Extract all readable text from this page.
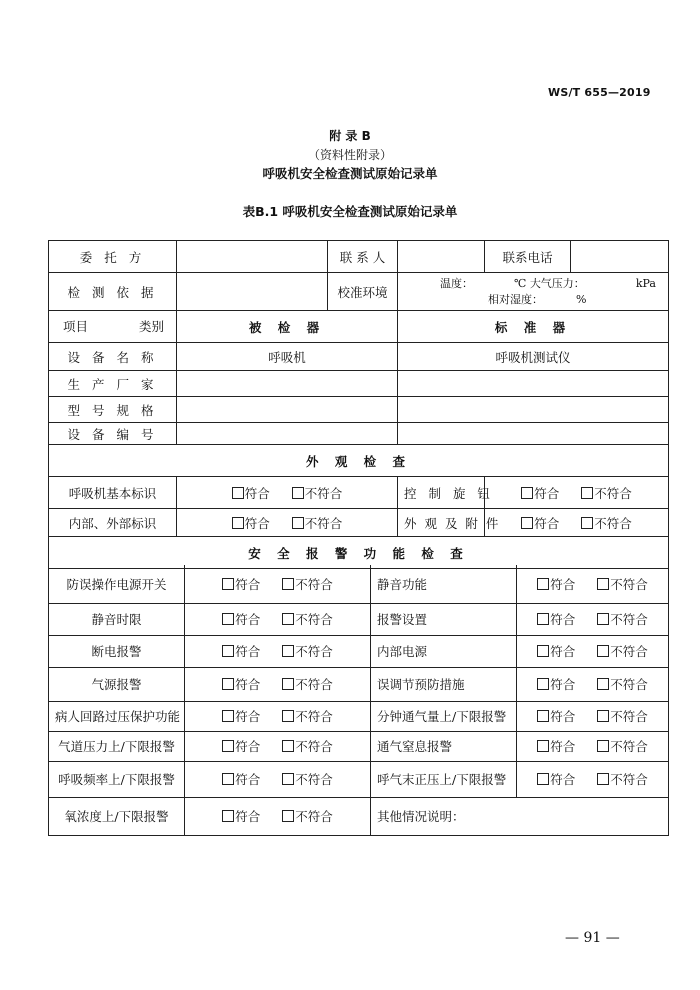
WS/T 655—2019
附 录 B
（资料性附录）
呼吸机安全检查测试原始记录单
表B.1 呼吸机安全检查测试原始记录单
委 托 方		联 系 人		联系电话	
检 测 依 据		校准环境	温度： ℃ 大气压力： kPa
相对湿度： %		

项目 类别	被 检 器		标 准 器		
设 备 名 称	呼吸机		呼吸机测试仪		
生 产 厂 家					
型 号 规 格					
设 备 编 号					
外 观 检 查					
呼吸机基本标识	符合 不符合		控 制 旋 钮	符合 不符合	
内部、外部标识	符合 不符合		外 观 及 附 件	符合 不符合	
安 全 报 警 功 能 检 查					
防误操作电源开关	符合 不符合	静音功能	符合 不符合
静音时限	符合 不符合	报警设置	符合 不符合
断电报警	符合 不符合	内部电源	符合 不符合
气源报警	符合 不符合	误调节预防措施	符合 不符合
病人回路过压保护功能	符合 不符合	分钟通气量上/下限报警	符合 不符合
气道压力上/下限报警	符合 不符合	通气窒息报警	符合 不符合
呼吸频率上/下限报警	符合 不符合	呼气末正压上/下限报警	符合 不符合
氧浓度上/下限报警	符合 不符合	其他情况说明：	
— 91 —
